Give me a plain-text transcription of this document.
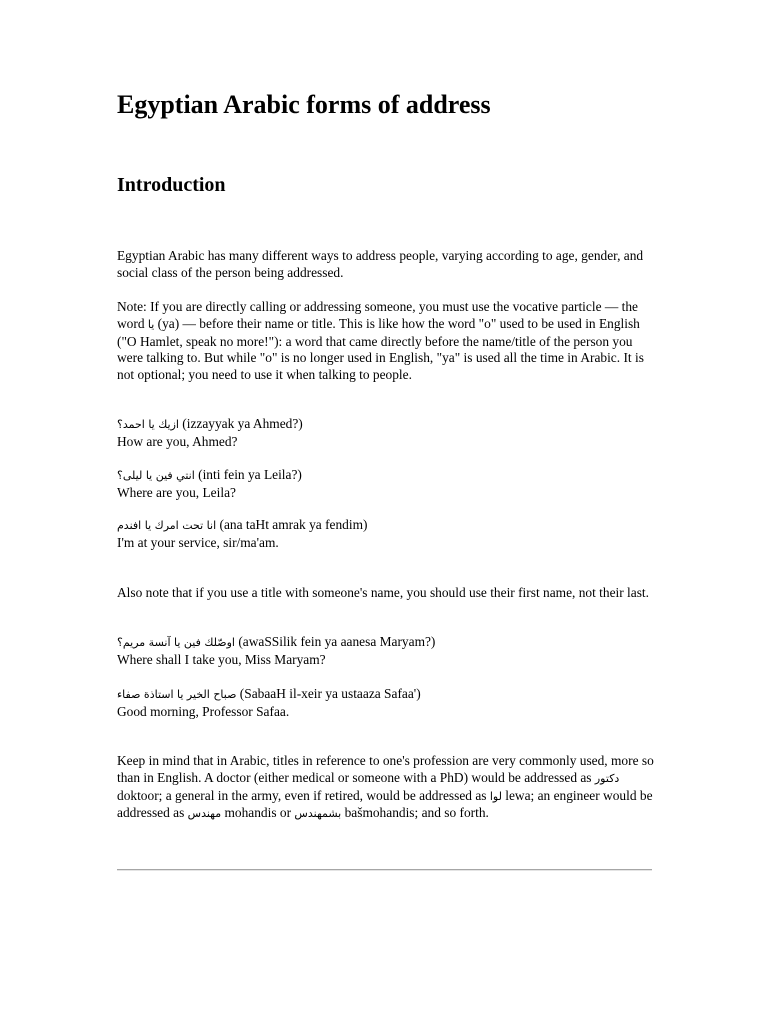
Egyptian Arabic forms of address
Introduction

Egyptian Arabic has many different ways to address people, varying according to age, gender, and social class of the person being addressed.

Note: If you are directly calling or addressing someone, you must use the vocative particle — the word يا (ya) — before their name or title. This is like how the word "o" used to be used in English ("O Hamlet, speak no more!"): a word that came directly before the name/title of the person you were talking to. But while "o" is no longer used in English, "ya" is used all the time in Arabic. It is not optional; you need to use it when talking to people.

ازيك يا احمد؟ (izzayyak ya Ahmed?)
How are you, Ahmed?

انتي فين يا ليلى؟ (inti fein ya Leila?)
Where are you, Leila?

انا تحت امرك يا افندم (ana taHt amrak ya fendim)
I'm at your service, sir/ma'am.

Also note that if you use a title with someone's name, you should use their first name, not their last.

اوصّلك فين يا آنسة مريم؟ (awaSSilik fein ya aanesa Maryam?)
Where shall I take you, Miss Maryam?

صباح الخير يا استاذة صفاء (SabaaH il-xeir ya ustaaza Safaa')
Good morning, Professor Safaa.

Keep in mind that in Arabic, titles in reference to one's profession are very commonly used, more so than in English. A doctor (either medical or someone with a PhD) would be addressed as دكتور doktoor; a general in the army, even if retired, would be addressed as لوا lewa; an engineer would be addressed as مهندس mohandis or بشمهندس bašmohandis; and so forth.
